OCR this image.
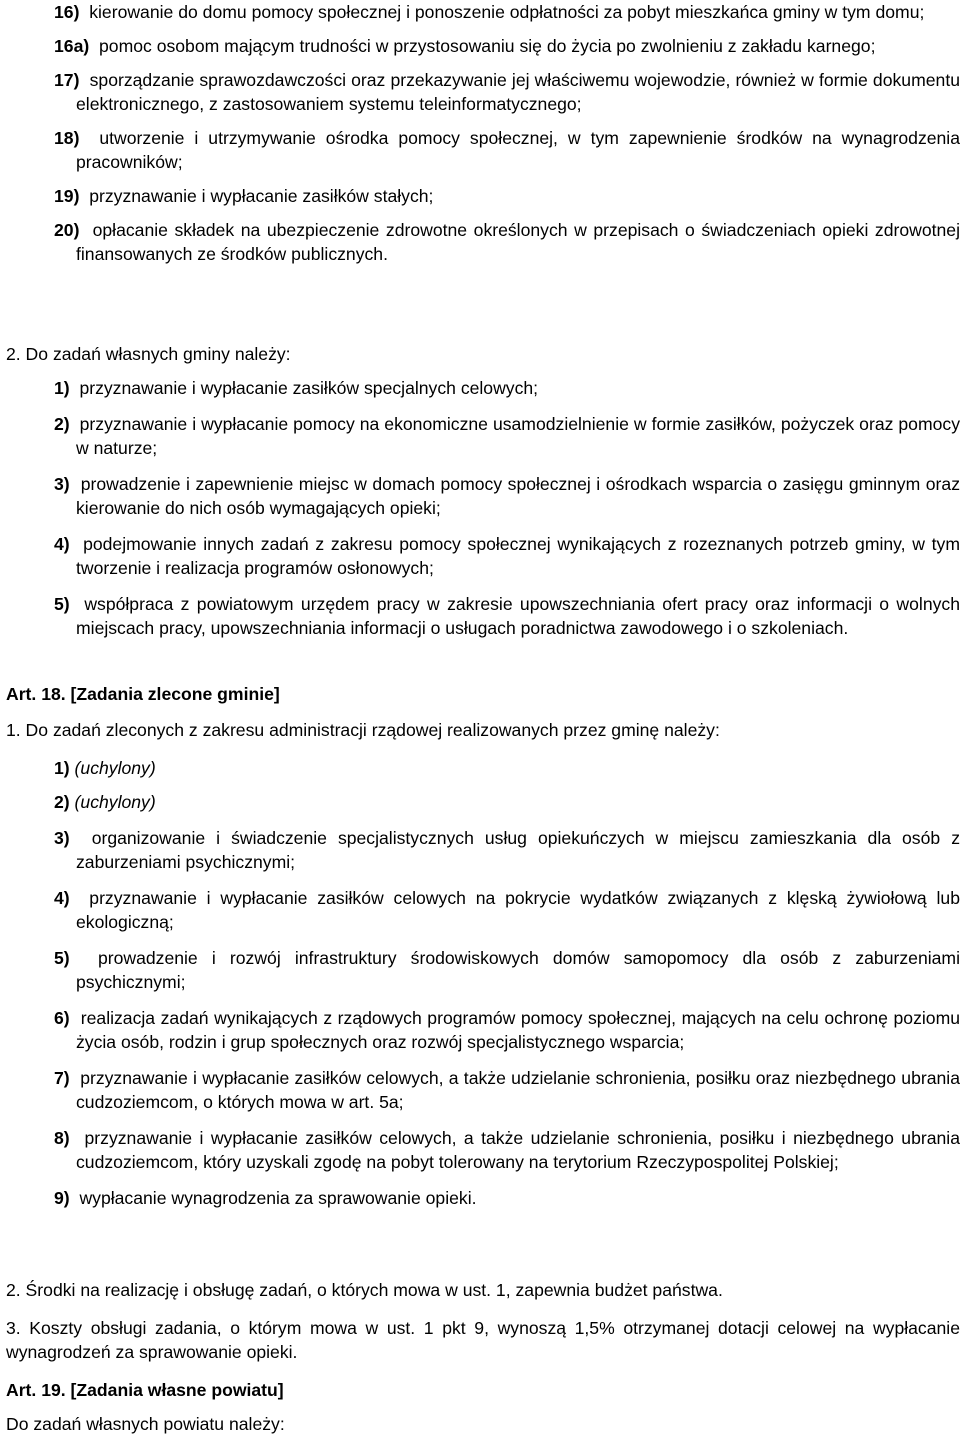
16) kierowanie do domu pomocy społecznej i ponoszenie odpłatności za pobyt mieszkańca gminy w tym domu;

16a) pomoc osobom mającym trudności w przystosowaniu się do życia po zwolnieniu z zakładu karnego;

17) sporządzanie sprawozdawczości oraz przekazywanie jej właściwemu wojewodzie, również w formie dokumentu elektronicznego, z zastosowaniem systemu teleinformatycznego;

18) utworzenie i utrzymywanie ośrodka pomocy społecznej, w tym zapewnienie środków na wynagrodzenia pracowników;

19) przyznawanie i wypłacanie zasiłków stałych;

20) opłacanie składek na ubezpieczenie zdrowotne określonych w przepisach o świadczeniach opieki zdrowotnej finansowanych ze środków publicznych.

2. Do zadań własnych gminy należy:

1) przyznawanie i wypłacanie zasiłków specjalnych celowych;

2) przyznawanie i wypłacanie pomocy na ekonomiczne usamodzielnienie w formie zasiłków, pożyczek oraz pomocy w naturze;

3) prowadzenie i zapewnienie miejsc w domach pomocy społecznej i ośrodkach wsparcia o zasięgu gminnym oraz kierowanie do nich osób wymagających opieki;

4) podejmowanie innych zadań z zakresu pomocy społecznej wynikających z rozeznanych potrzeb gminy, w tym tworzenie i realizacja programów osłonowych;

5) współpraca z powiatowym urzędem pracy w zakresie upowszechniania ofert pracy oraz informacji o wolnych miejscach pracy, upowszechniania informacji o usługach poradnictwa zawodowego i o szkoleniach.

Art. 18. [Zadania zlecone gminie]

1. Do zadań zleconych z zakresu administracji rządowej realizowanych przez gminę należy:

1) (uchylony)

2) (uchylony)

3) organizowanie i świadczenie specjalistycznych usług opiekuńczych w miejscu zamieszkania dla osób z zaburzeniami psychicznymi;

4) przyznawanie i wypłacanie zasiłków celowych na pokrycie wydatków związanych z klęską żywiołową lub ekologiczną;

5) prowadzenie i rozwój infrastruktury środowiskowych domów samopomocy dla osób z zaburzeniami psychicznymi;

6) realizacja zadań wynikających z rządowych programów pomocy społecznej, mających na celu ochronę poziomu życia osób, rodzin i grup społecznych oraz rozwój specjalistycznego wsparcia;

7) przyznawanie i wypłacanie zasiłków celowych, a także udzielanie schronienia, posiłku oraz niezbędnego ubrania cudzoziemcom, o których mowa w art. 5a;

8) przyznawanie i wypłacanie zasiłków celowych, a także udzielanie schronienia, posiłku i niezbędnego ubrania cudzoziemcom, który uzyskali zgodę na pobyt tolerowany na terytorium Rzeczypospolitej Polskiej;

9) wypłacanie wynagrodzenia za sprawowanie opieki.

2. Środki na realizację i obsługę zadań, o których mowa w ust. 1, zapewnia budżet państwa.

3. Koszty obsługi zadania, o którym mowa w ust. 1 pkt 9, wynoszą 1,5% otrzymanej dotacji celowej na wypłacanie wynagrodzeń za sprawowanie opieki.

Art. 19. [Zadania własne powiatu]

Do zadań własnych powiatu należy:
